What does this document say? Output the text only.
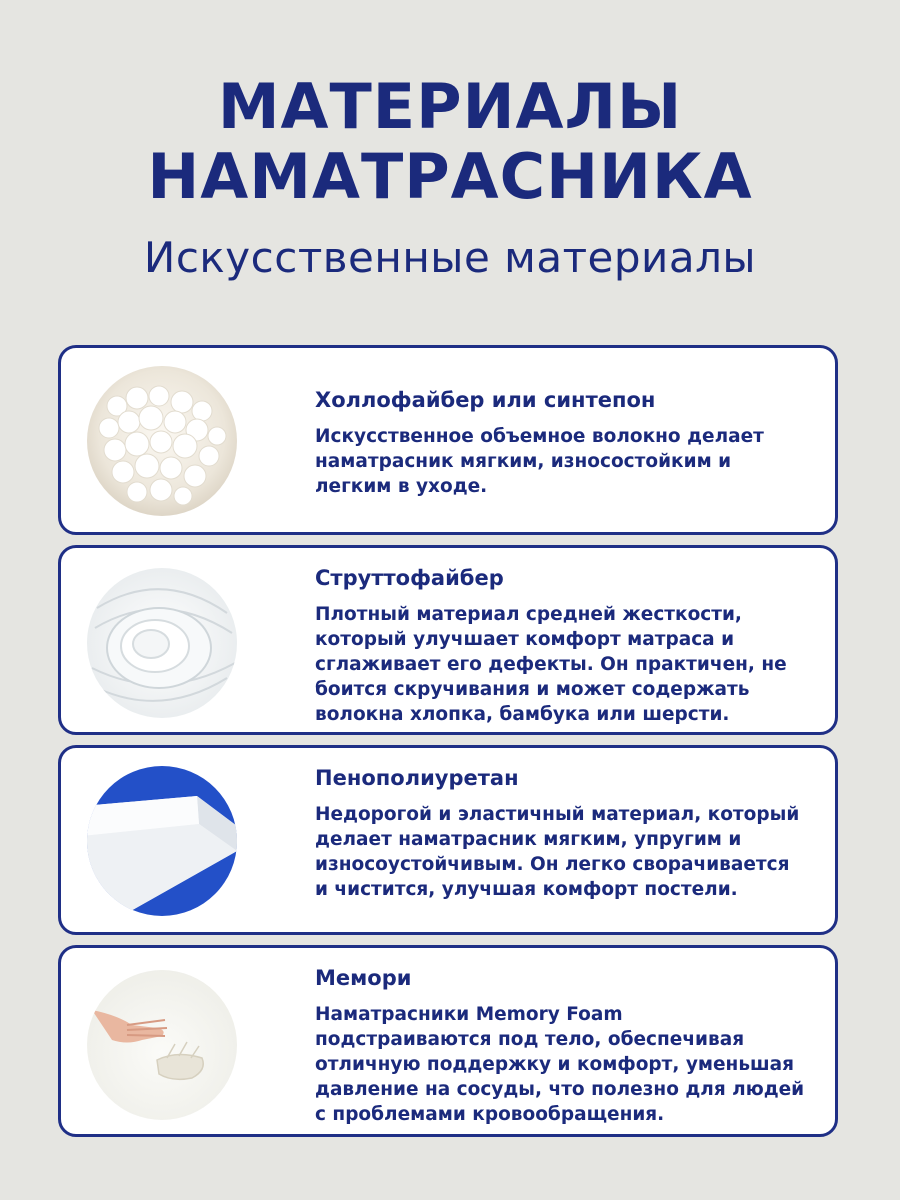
МАТЕРИАЛЫ
НАМАТРАСНИКА
Искусственные материалы

Холлофайбер или синтепон

Искусственное объемное волокно делает наматрасник мягким, износостойким и легким в уходе.

Струттофайбер

Плотный материал средней жесткости, который улучшает комфорт матраса и сглаживает его дефекты. Он практичен, не боится скручивания и может содержать волокна хлопка, бамбука или шерсти.

Пенополиуретан

Недорогой и эластичный материал, который делает наматрасник мягким, упругим и износоустойчивым. Он легко сворачивается и чистится, улучшая комфорт постели.

Мемори

Наматрасники Memory Foam подстраиваются под тело, обеспечивая отличную поддержку и комфорт, уменьшая давление на сосуды, что полезно для людей с проблемами кровообращения.
